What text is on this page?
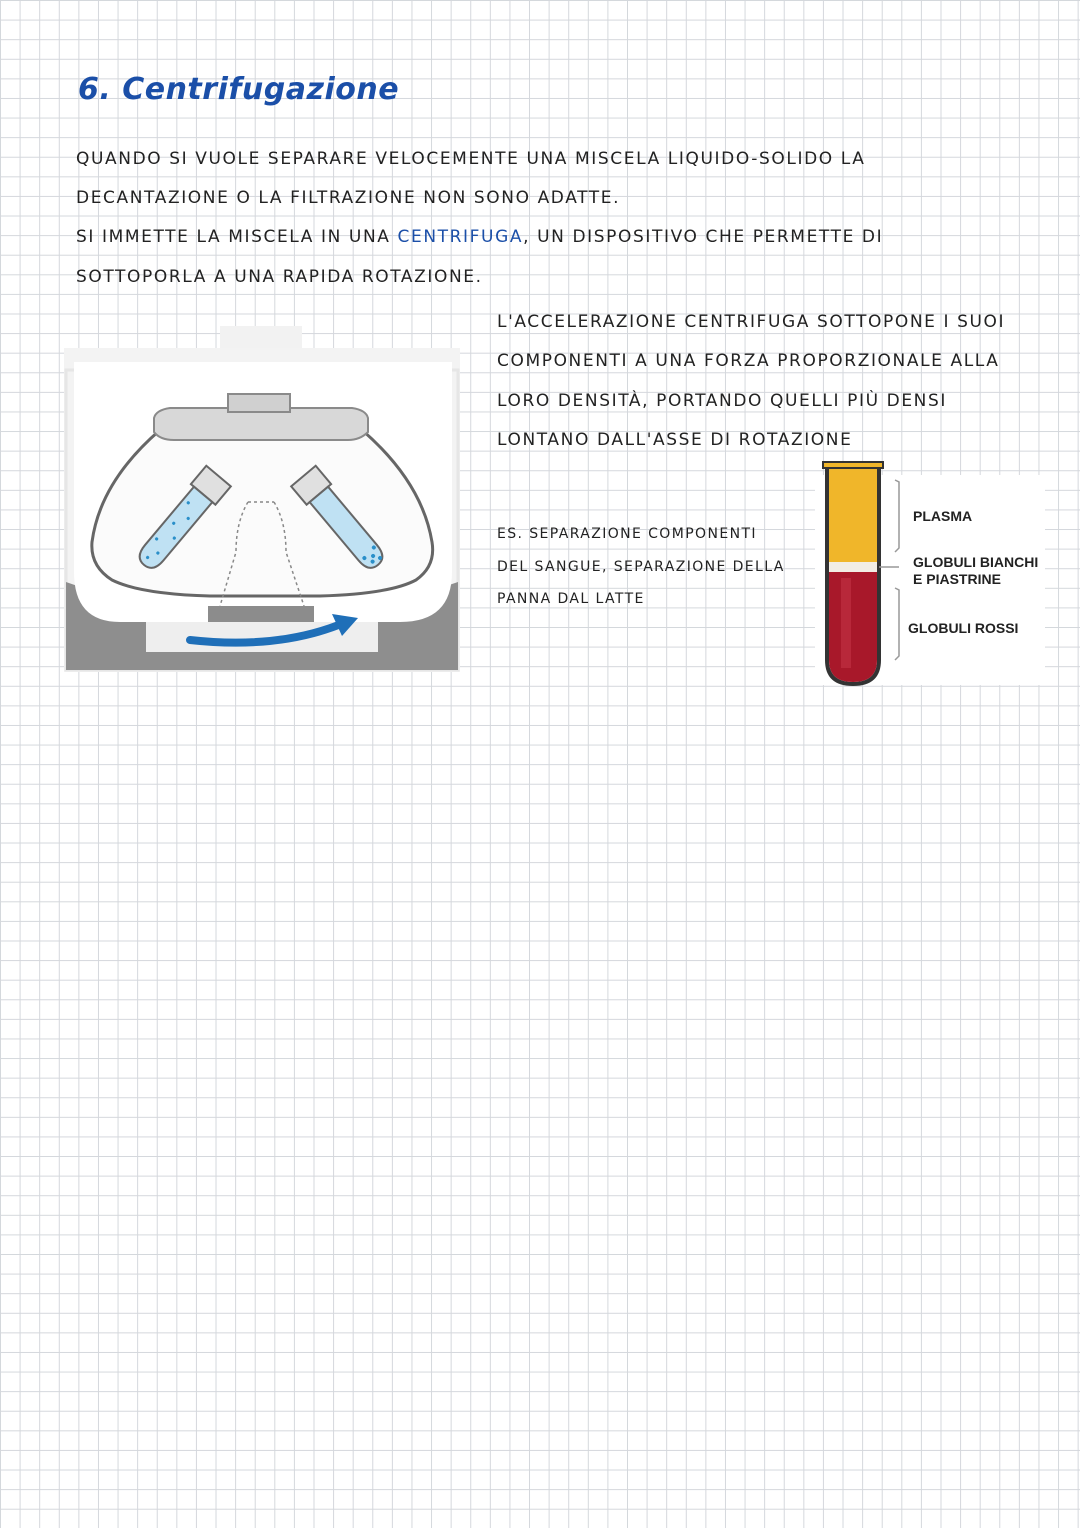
6. Centrifugazione
QUANDO SI VUOLE SEPARARE VELOCEMENTE UNA MISCELA LIQUIDO-SOLIDO LA
DECANTAZIONE O LA FILTRAZIONE NON SONO ADATTE.
SI IMMETTE LA MISCELA IN UNA CENTRIFUGA, UN DISPOSITIVO CHE PERMETTE DI
SOTTOPORLA A UNA RAPIDA ROTAZIONE.
L'ACCELERAZIONE CENTRIFUGA SOTTOPONE I SUOI
COMPONENTI A UNA FORZA PROPORZIONALE ALLA
LORO DENSITÀ, PORTANDO QUELLI PIÙ DENSI
LONTANO DALL'ASSE DI ROTAZIONE
ES. SEPARAZIONE COMPONENTI
DEL SANGUE, SEPARAZIONE DELLA
PANNA DAL LATTE
PLASMA
GLOBULI BIANCHI
E PIASTRINE
GLOBULI ROSSI
